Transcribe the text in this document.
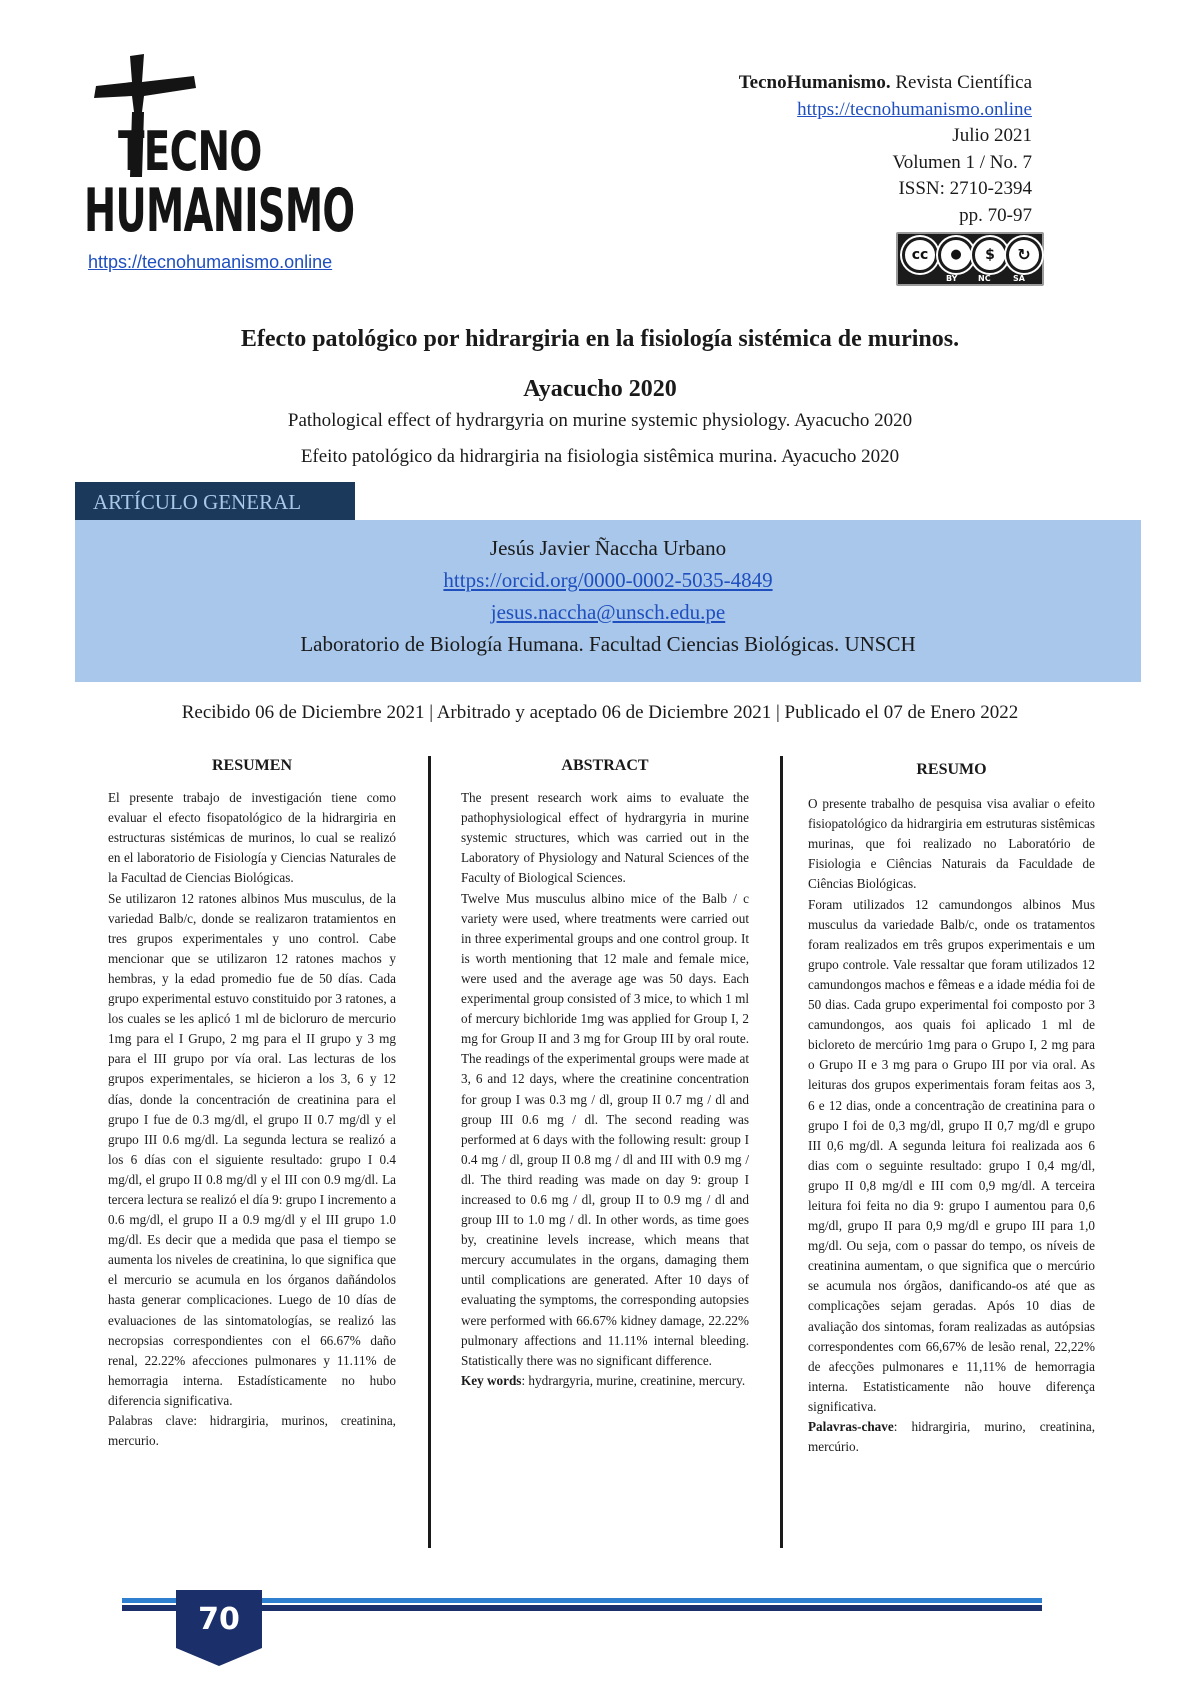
TECNO
HUMANISMO
https://tecnohumanismo.online
TecnoHumanismo. Revista Científica
https://tecnohumanismo.online
Julio 2021
Volumen 1 / No. 7
ISSN: 2710-2394
pp. 70-97
cc	●	$	↻
BY	NC	SA
Efecto patológico por hidrargiria en la fisiología sistémica de murinos.
Ayacucho 2020
Pathological effect of hydrargyria on murine systemic physiology. Ayacucho 2020
Efeito patológico da hidrargiria na fisiologia sistêmica murina. Ayacucho 2020
ARTÍCULO GENERAL
Jesús Javier Ñaccha Urbano
https://orcid.org/0000-0002-5035-4849
jesus.naccha@unsch.edu.pe
Laboratorio de Biología Humana. Facultad Ciencias Biológicas. UNSCH
Recibido 06 de Diciembre 2021 | Arbitrado y aceptado 06 de Diciembre 2021 | Publicado el 07 de Enero 2022
RESUMEN

El presente trabajo de investigación tiene como evaluar el efecto fisopatológico de la hidrargiria en estructuras sistémicas de murinos, lo cual se realizó en el laboratorio de Fisiología y Ciencias Naturales de la Facultad de Ciencias Biológicas.

Se utilizaron 12 ratones albinos Mus musculus, de la variedad Balb/c, donde se realizaron tratamientos en tres grupos experimentales y uno control. Cabe mencionar que se utilizaron 12 ratones machos y hembras, y la edad promedio fue de 50 días. Cada grupo experimental estuvo constituido por 3 ratones, a los cuales se les aplicó 1 ml de bicloruro de mercurio 1mg para el I Grupo, 2 mg para el II grupo y 3 mg para el III grupo por vía oral. Las lecturas de los grupos experimentales, se hicieron a los 3, 6 y 12 días, donde la concentración de creatinina para el grupo I fue de 0.3 mg/dl, el grupo II 0.7 mg/dl y el grupo III 0.6 mg/dl. La segunda lectura se realizó a los 6 días con el siguiente resultado: grupo I 0.4 mg/dl, el grupo II 0.8 mg/dl y el III con 0.9 mg/dl. La tercera lectura se realizó el día 9: grupo I incremento a 0.6 mg/dl, el grupo II a 0.9 mg/dl y el III grupo 1.0 mg/dl. Es decir que a medida que pasa el tiempo se aumenta los niveles de creatinina, lo que significa que el mercurio se acumula en los órganos dañándolos hasta generar complicaciones. Luego de 10 días de evaluaciones de las sintomatologías, se realizó las necropsias correspondientes con el 66.67% daño renal, 22.22% afecciones pulmonares y 11.11% de hemorragia interna. Estadísticamente no hubo diferencia significativa.

Palabras clave: hidrargiria, murinos, creatinina, mercurio.

ABSTRACT

The present research work aims to evaluate the pathophysiological effect of hydrargyria in murine systemic structures, which was carried out in the Laboratory of Physiology and Natural Sciences of the Faculty of Biological Sciences.

Twelve Mus musculus albino mice of the Balb / c variety were used, where treatments were carried out in three experimental groups and one control group. It is worth mentioning that 12 male and female mice, were used and the average age was 50 days. Each experimental group consisted of 3 mice, to which 1 ml of mercury bichloride 1mg was applied for Group I, 2 mg for Group II and 3 mg for Group III by oral route. The readings of the experimental groups were made at 3, 6 and 12 days, where the creatinine concentration for group I was 0.3 mg / dl, group II 0.7 mg / dl and group III 0.6 mg / dl. The second reading was performed at 6 days with the following result: group I 0.4 mg / dl, group II 0.8 mg / dl and III with 0.9 mg / dl. The third reading was made on day 9: group I increased to 0.6 mg / dl, group II to 0.9 mg / dl and group III to 1.0 mg / dl. In other words, as time goes by, creatinine levels increase, which means that mercury accumulates in the organs, damaging them until complications are generated. After 10 days of evaluating the symptoms, the corresponding autopsies were performed with 66.67% kidney damage, 22.22% pulmonary affections and 11.11% internal bleeding. Statistically there was no significant difference.

Key words: hydrargyria, murine, creatinine, mercury.

RESUMO

O presente trabalho de pesquisa visa avaliar o efeito fisiopatológico da hidrargiria em estruturas sistêmicas murinas, que foi realizado no Laboratório de Fisiologia e Ciências Naturais da Faculdade de Ciências Biológicas.

Foram utilizados 12 camundongos albinos Mus musculus da variedade Balb/c, onde os tratamentos foram realizados em três grupos experimentais e um grupo controle. Vale ressaltar que foram utilizados 12 camundongos machos e fêmeas e a idade média foi de 50 dias. Cada grupo experimental foi composto por 3 camundongos, aos quais foi aplicado 1 ml de bicloreto de mercúrio 1mg para o Grupo I, 2 mg para o Grupo II e 3 mg para o Grupo III por via oral. As leituras dos grupos experimentais foram feitas aos 3, 6 e 12 dias, onde a concentração de creatinina para o grupo I foi de 0,3 mg/dl, grupo II 0,7 mg/dl e grupo III 0,6 mg/dl. A segunda leitura foi realizada aos 6 dias com o seguinte resultado: grupo I 0,4 mg/dl, grupo II 0,8 mg/dl e III com 0,9 mg/dl. A terceira leitura foi feita no dia 9: grupo I aumentou para 0,6 mg/dl, grupo II para 0,9 mg/dl e grupo III para 1,0 mg/dl. Ou seja, com o passar do tempo, os níveis de creatinina aumentam, o que significa que o mercúrio se acumula nos órgãos, danificando-os até que as complicações sejam geradas. Após 10 dias de avaliação dos sintomas, foram realizadas as autópsias correspondentes com 66,67% de lesão renal, 22,22% de afecções pulmonares e 11,11% de hemorragia interna. Estatisticamente não houve diferença significativa.

Palavras-chave: hidrargiria, murino, creatinina, mercúrio.

70
